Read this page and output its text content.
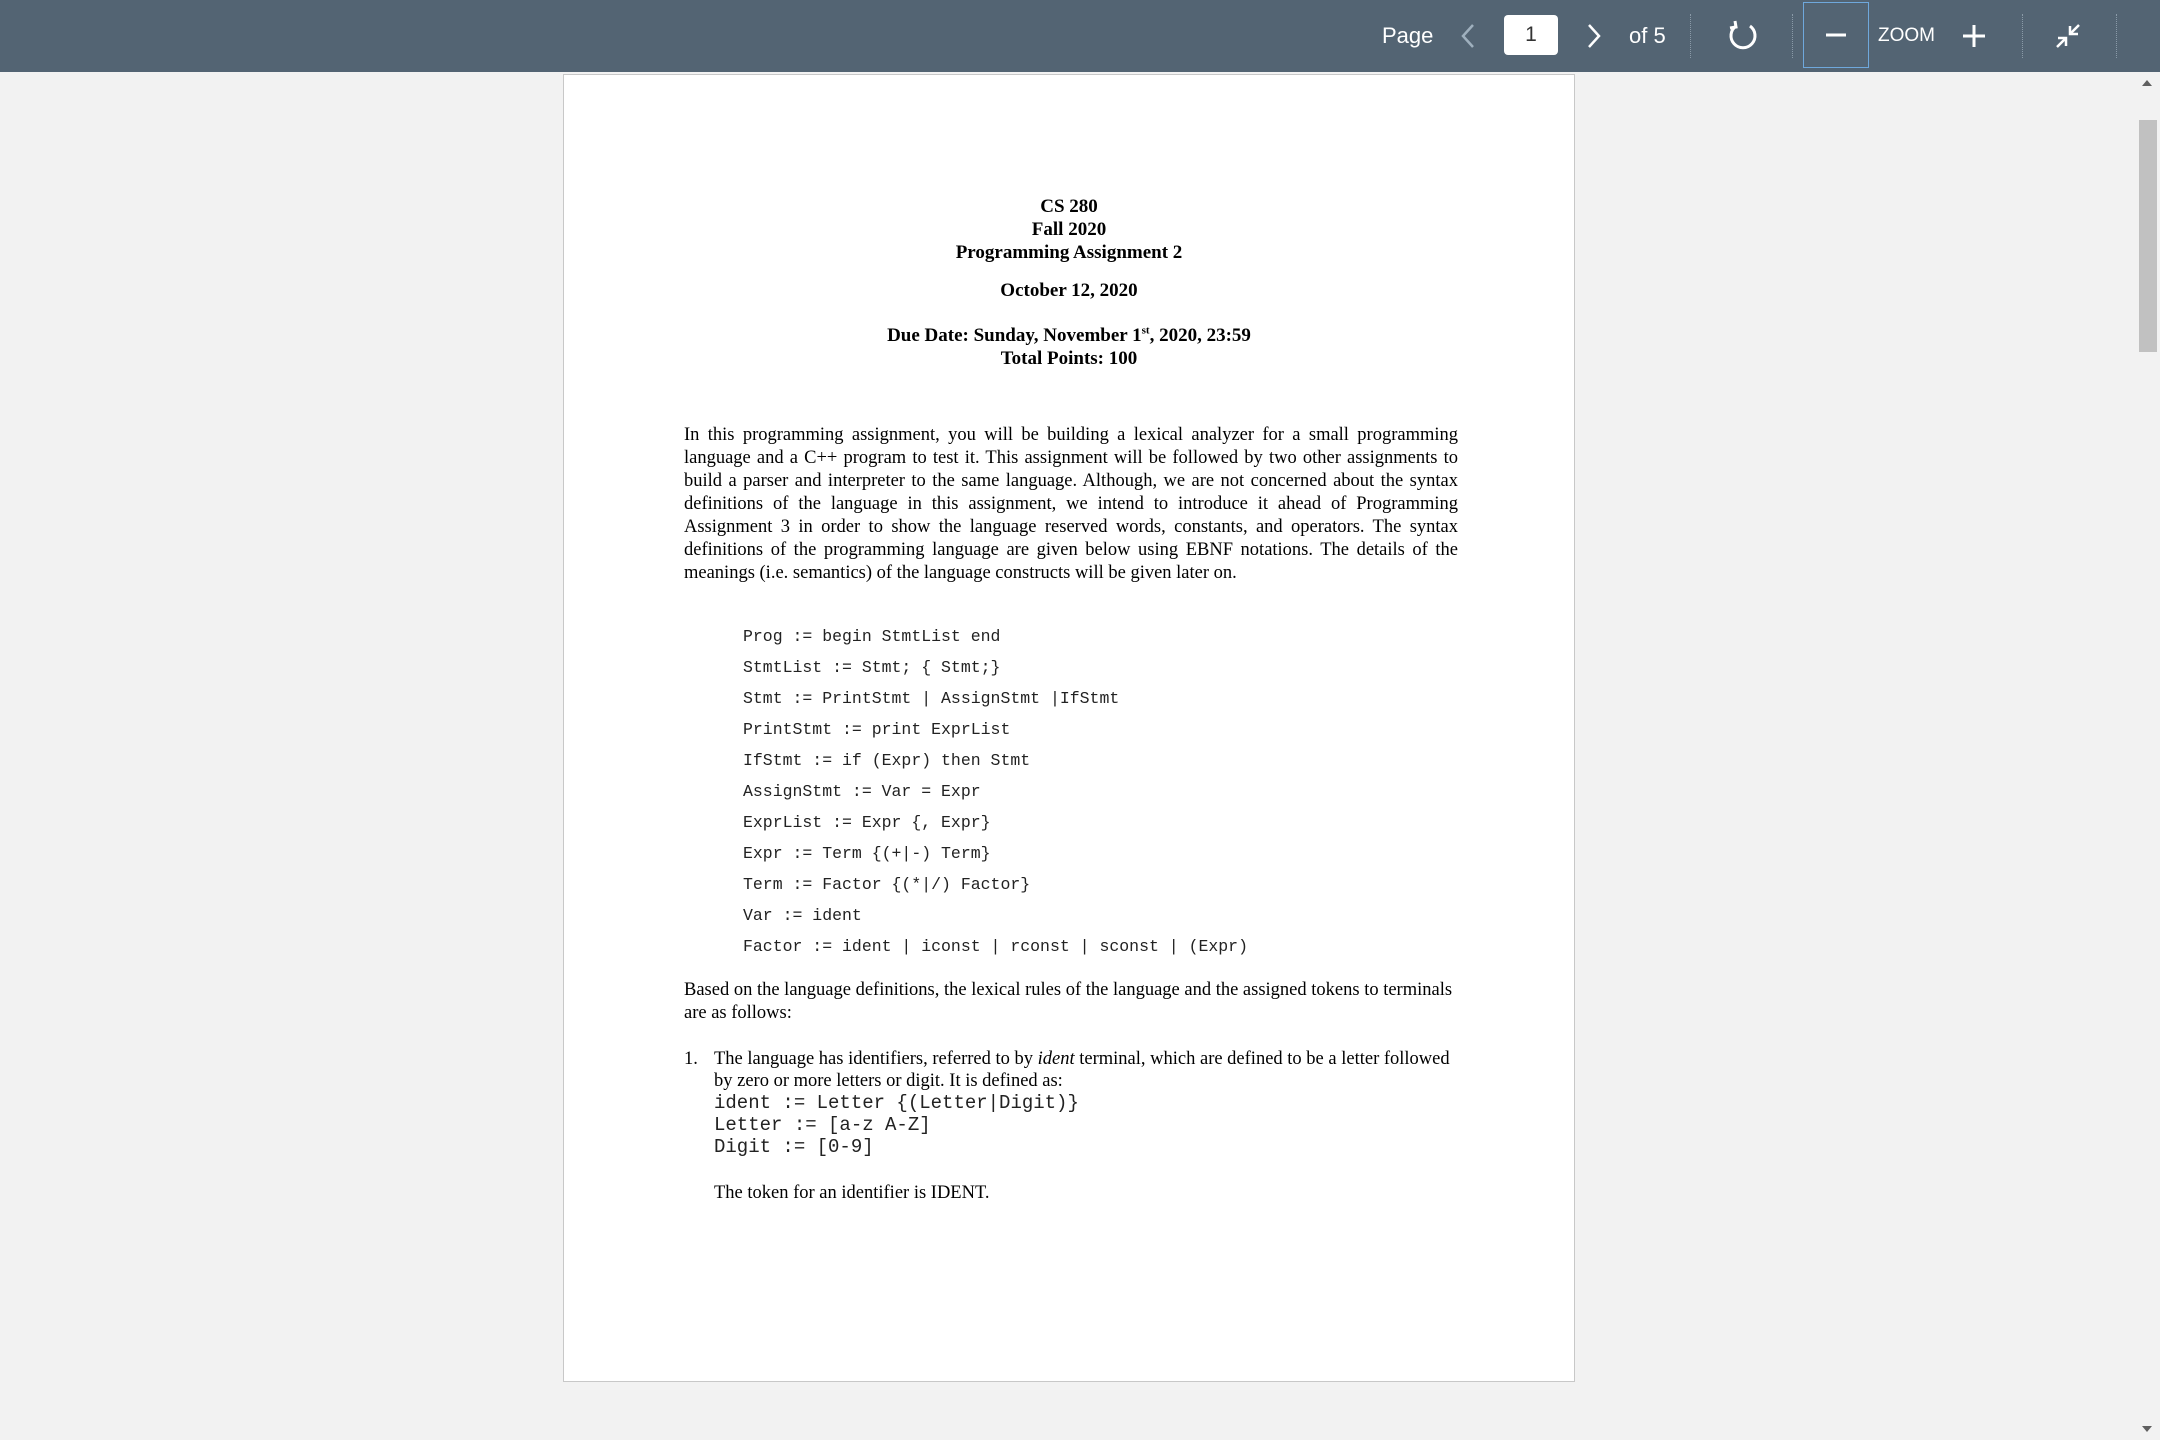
Page
1	of 5	ZOOM
CS 280
Fall 2020
Programming Assignment 2
October 12, 2020
Due Date: Sunday, November 1st, 2020, 23:59
Total Points: 100
In this programming assignment, you will be building a lexical analyzer for a small programming language and a C++ program to test it. This assignment will be followed by two other assignments to build a parser and interpreter to the same language. Although, we are not concerned about the syntax definitions of the language in this assignment, we intend to introduce it ahead of Programming Assignment 3 in order to show the language reserved words, constants, and operators. The syntax definitions of the programming language are given below using EBNF notations. The details of the meanings (i.e. semantics) of the language constructs will be given later on.
Prog := begin StmtList end
StmtList := Stmt; { Stmt;}
Stmt := PrintStmt | AssignStmt |IfStmt
PrintStmt := print ExprList
IfStmt := if (Expr) then Stmt
AssignStmt := Var = Expr
ExprList := Expr {, Expr}
Expr := Term {(+|-) Term}
Term := Factor {(*|/) Factor}
Var := ident
Factor := ident | iconst | rconst | sconst | (Expr)
Based on the language definitions, the lexical rules of the language and the assigned tokens to terminals are as follows:
1. The language has identifiers, referred to by ident terminal, which are defined to be a letter followed by zero or more letters or digit. It is defined as:
ident := Letter {(Letter|Digit)}
Letter := [a-z A-Z]
Digit := [0-9]
The token for an identifier is IDENT.
